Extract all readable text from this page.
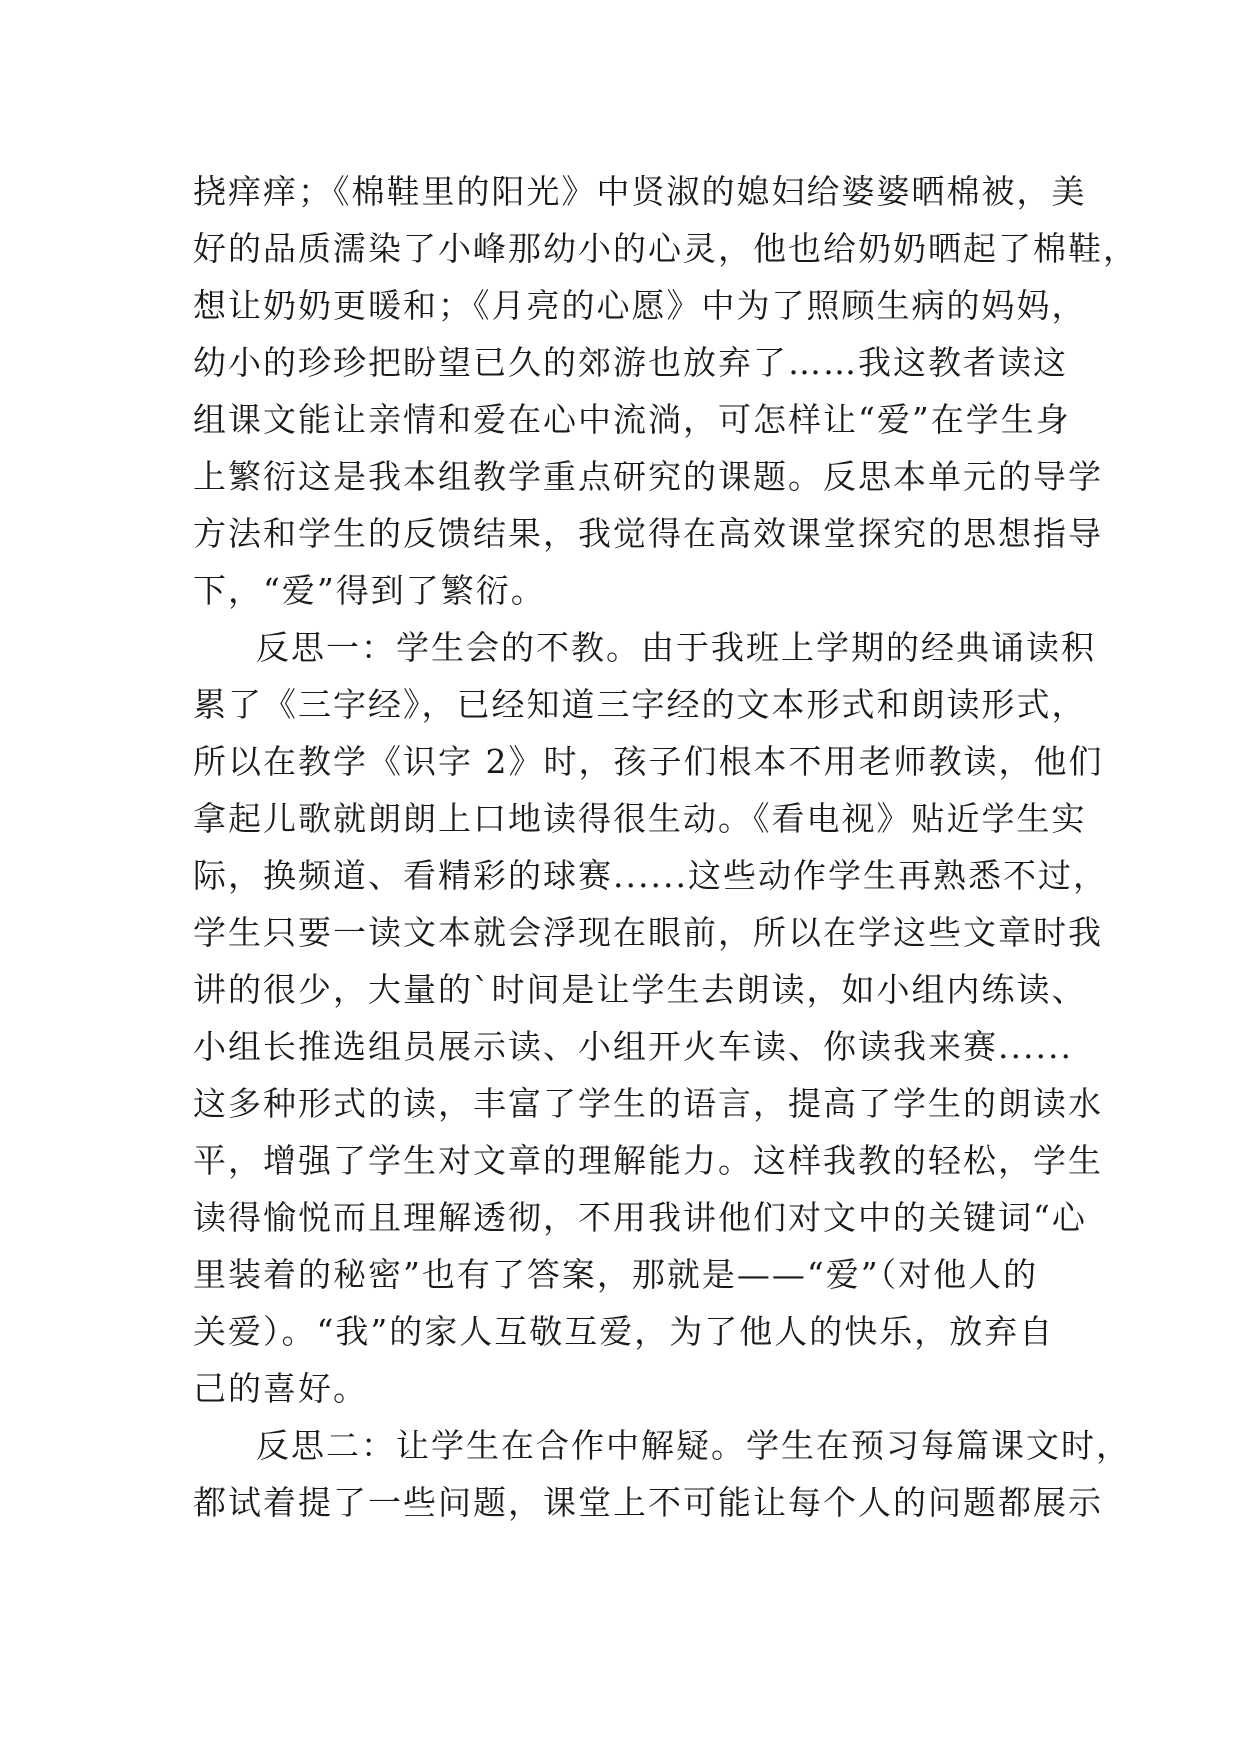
挠痒痒；《棉鞋里的阳光》中贤淑的媳妇给婆婆晒棉被，美
好的品质濡染了小峰那幼小的心灵，他也给奶奶晒起了棉鞋，
想让奶奶更暖和；《月亮的心愿》中为了照顾生病的妈妈，
幼小的珍珍把盼望已久的郊游也放弃了……我这教者读这
组课文能让亲情和爱在心中流淌，可怎样让“爱”在学生身
上繁衍这是我本组教学重点研究的课题。反思本单元的导学
方法和学生的反馈结果，我觉得在高效课堂探究的思想指导
下，“爱”得到了繁衍。
反思一：学生会的不教。由于我班上学期的经典诵读积
累了《三字经》，已经知道三字经的文本形式和朗读形式，
所以在教学《识字 2》时，孩子们根本不用老师教读，他们
拿起儿歌就朗朗上口地读得很生动。《看电视》贴近学生实
际，换频道、看精彩的球赛......这些动作学生再熟悉不过，
学生只要一读文本就会浮现在眼前，所以在学这些文章时我
讲的很少，大量的`时间是让学生去朗读，如小组内练读、
小组长推选组员展示读、小组开火车读、你读我来赛......
这多种形式的读，丰富了学生的语言，提高了学生的朗读水
平，增强了学生对文章的理解能力。这样我教的轻松，学生
读得愉悦而且理解透彻，不用我讲他们对文中的关键词“心
里装着的秘密”也有了答案，那就是——“爱”（对他人的
关爱）。“我”的家人互敬互爱，为了他人的快乐，放弃自
己的喜好。
反思二：让学生在合作中解疑。学生在预习每篇课文时，
都试着提了一些问题，课堂上不可能让每个人的问题都展示
